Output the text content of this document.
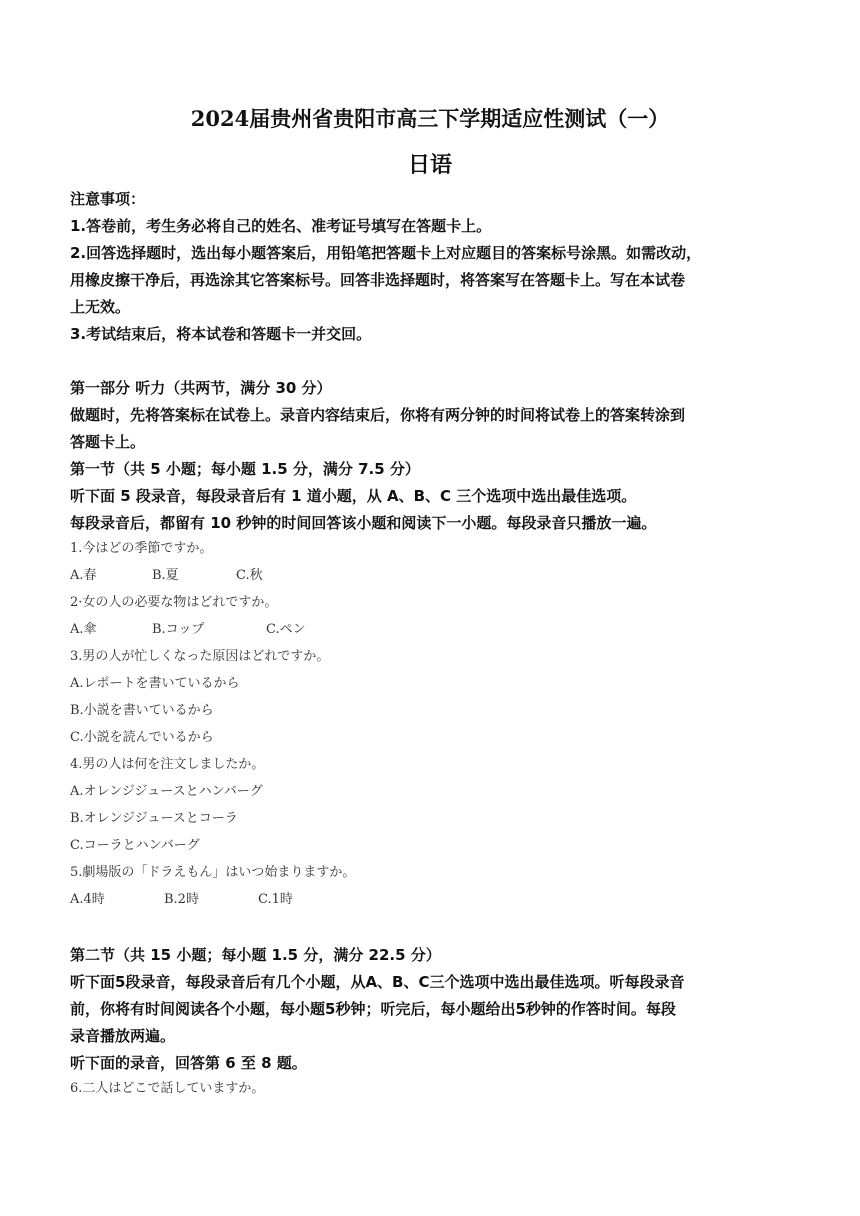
2024届贵州省贵阳市高三下学期适应性测试（一）
日语
注意事项：
1.答卷前，考生务必将自己的姓名、准考证号填写在答题卡上。
2.回答选择题时，选出每小题答案后，用铅笔把答题卡上对应题目的答案标号涂黑。如需改动，
用橡皮擦干净后，再选涂其它答案标号。回答非选择题时，将答案写在答题卡上。写在本试卷
上无效。
3.考试结束后，将本试卷和答题卡一并交回。
第一部分 听力（共两节，满分 30 分）
做题时，先将答案标在试卷上。录音内容结束后，你将有两分钟的时间将试卷上的答案转涂到
答题卡上。
第一节（共 5 小题；每小题 1.5 分，满分 7.5 分）
听下面 5 段录音，每段录音后有 1 道小题，从 A、B、C 三个选项中选出最佳选项。
每段录音后，都留有 10 秒钟的时间回答该小题和阅读下一小题。每段录音只播放一遍。
1.今はどの季節ですか。
A.春	B.夏	C.秋
2·女の人の必要な物はどれですか。
A.傘	B.コップ	C.ペン
3.男の人が忙しくなった原因はどれですか。
A.レポートを書いているから
B.小説を書いているから
C.小説を読んでいるから
4.男の人は何を注文しましたか。
A.オレンジジュースとハンバーグ
B.オレンジジュースとコーラ
C.コーラとハンバーグ
5.劇場版の「ドラえもん」はいつ始まりますか。
A.4時	B.2時	C.1時
第二节（共 15 小题；每小题 1.5 分，满分 22.5 分）
听下面5段录音，每段录音后有几个小题，从A、B、C三个选项中选出最佳选项。听每段录音
前，你将有时间阅读各个小题，每小题5秒钟；听完后，每小题给出5秒钟的作答时间。每段
录音播放两遍。
听下面的录音，回答第 6 至 8 题。
6.二人はどこで話していますか。
